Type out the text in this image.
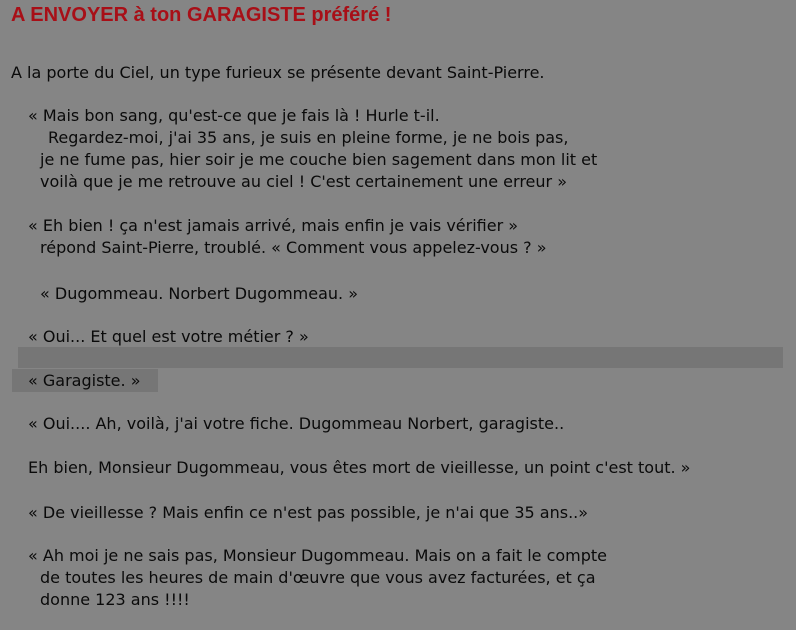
A ENVOYER à ton GARAGISTE préféré !

A la porte du Ciel, un type furieux se présente devant Saint-Pierre.

« Mais bon sang, qu'est-ce que je fais là ! Hurle t-il.

Regardez-moi, j'ai 35 ans, je suis en pleine forme, je ne bois pas,

je ne fume pas, hier soir je me couche bien sagement dans mon lit et

voilà que je me retrouve au ciel ! C'est certainement une erreur »

« Eh bien ! ça n'est jamais arrivé, mais enfin je vais vérifier »

répond Saint-Pierre, troublé. « Comment vous appelez-vous ? »

« Dugommeau. Norbert Dugommeau. »

« Oui... Et quel est votre métier ? »

« Garagiste. »

« Oui.... Ah, voilà, j'ai votre fiche. Dugommeau Norbert, garagiste..

Eh bien, Monsieur Dugommeau, vous êtes mort de vieillesse, un point c'est tout. »

« De vieillesse ? Mais enfin ce n'est pas possible, je n'ai que 35 ans..»

« Ah moi je ne sais pas, Monsieur Dugommeau. Mais on a fait le compte

de toutes les heures de main d'œuvre que vous avez facturées, et ça

donne 123 ans !!!!
